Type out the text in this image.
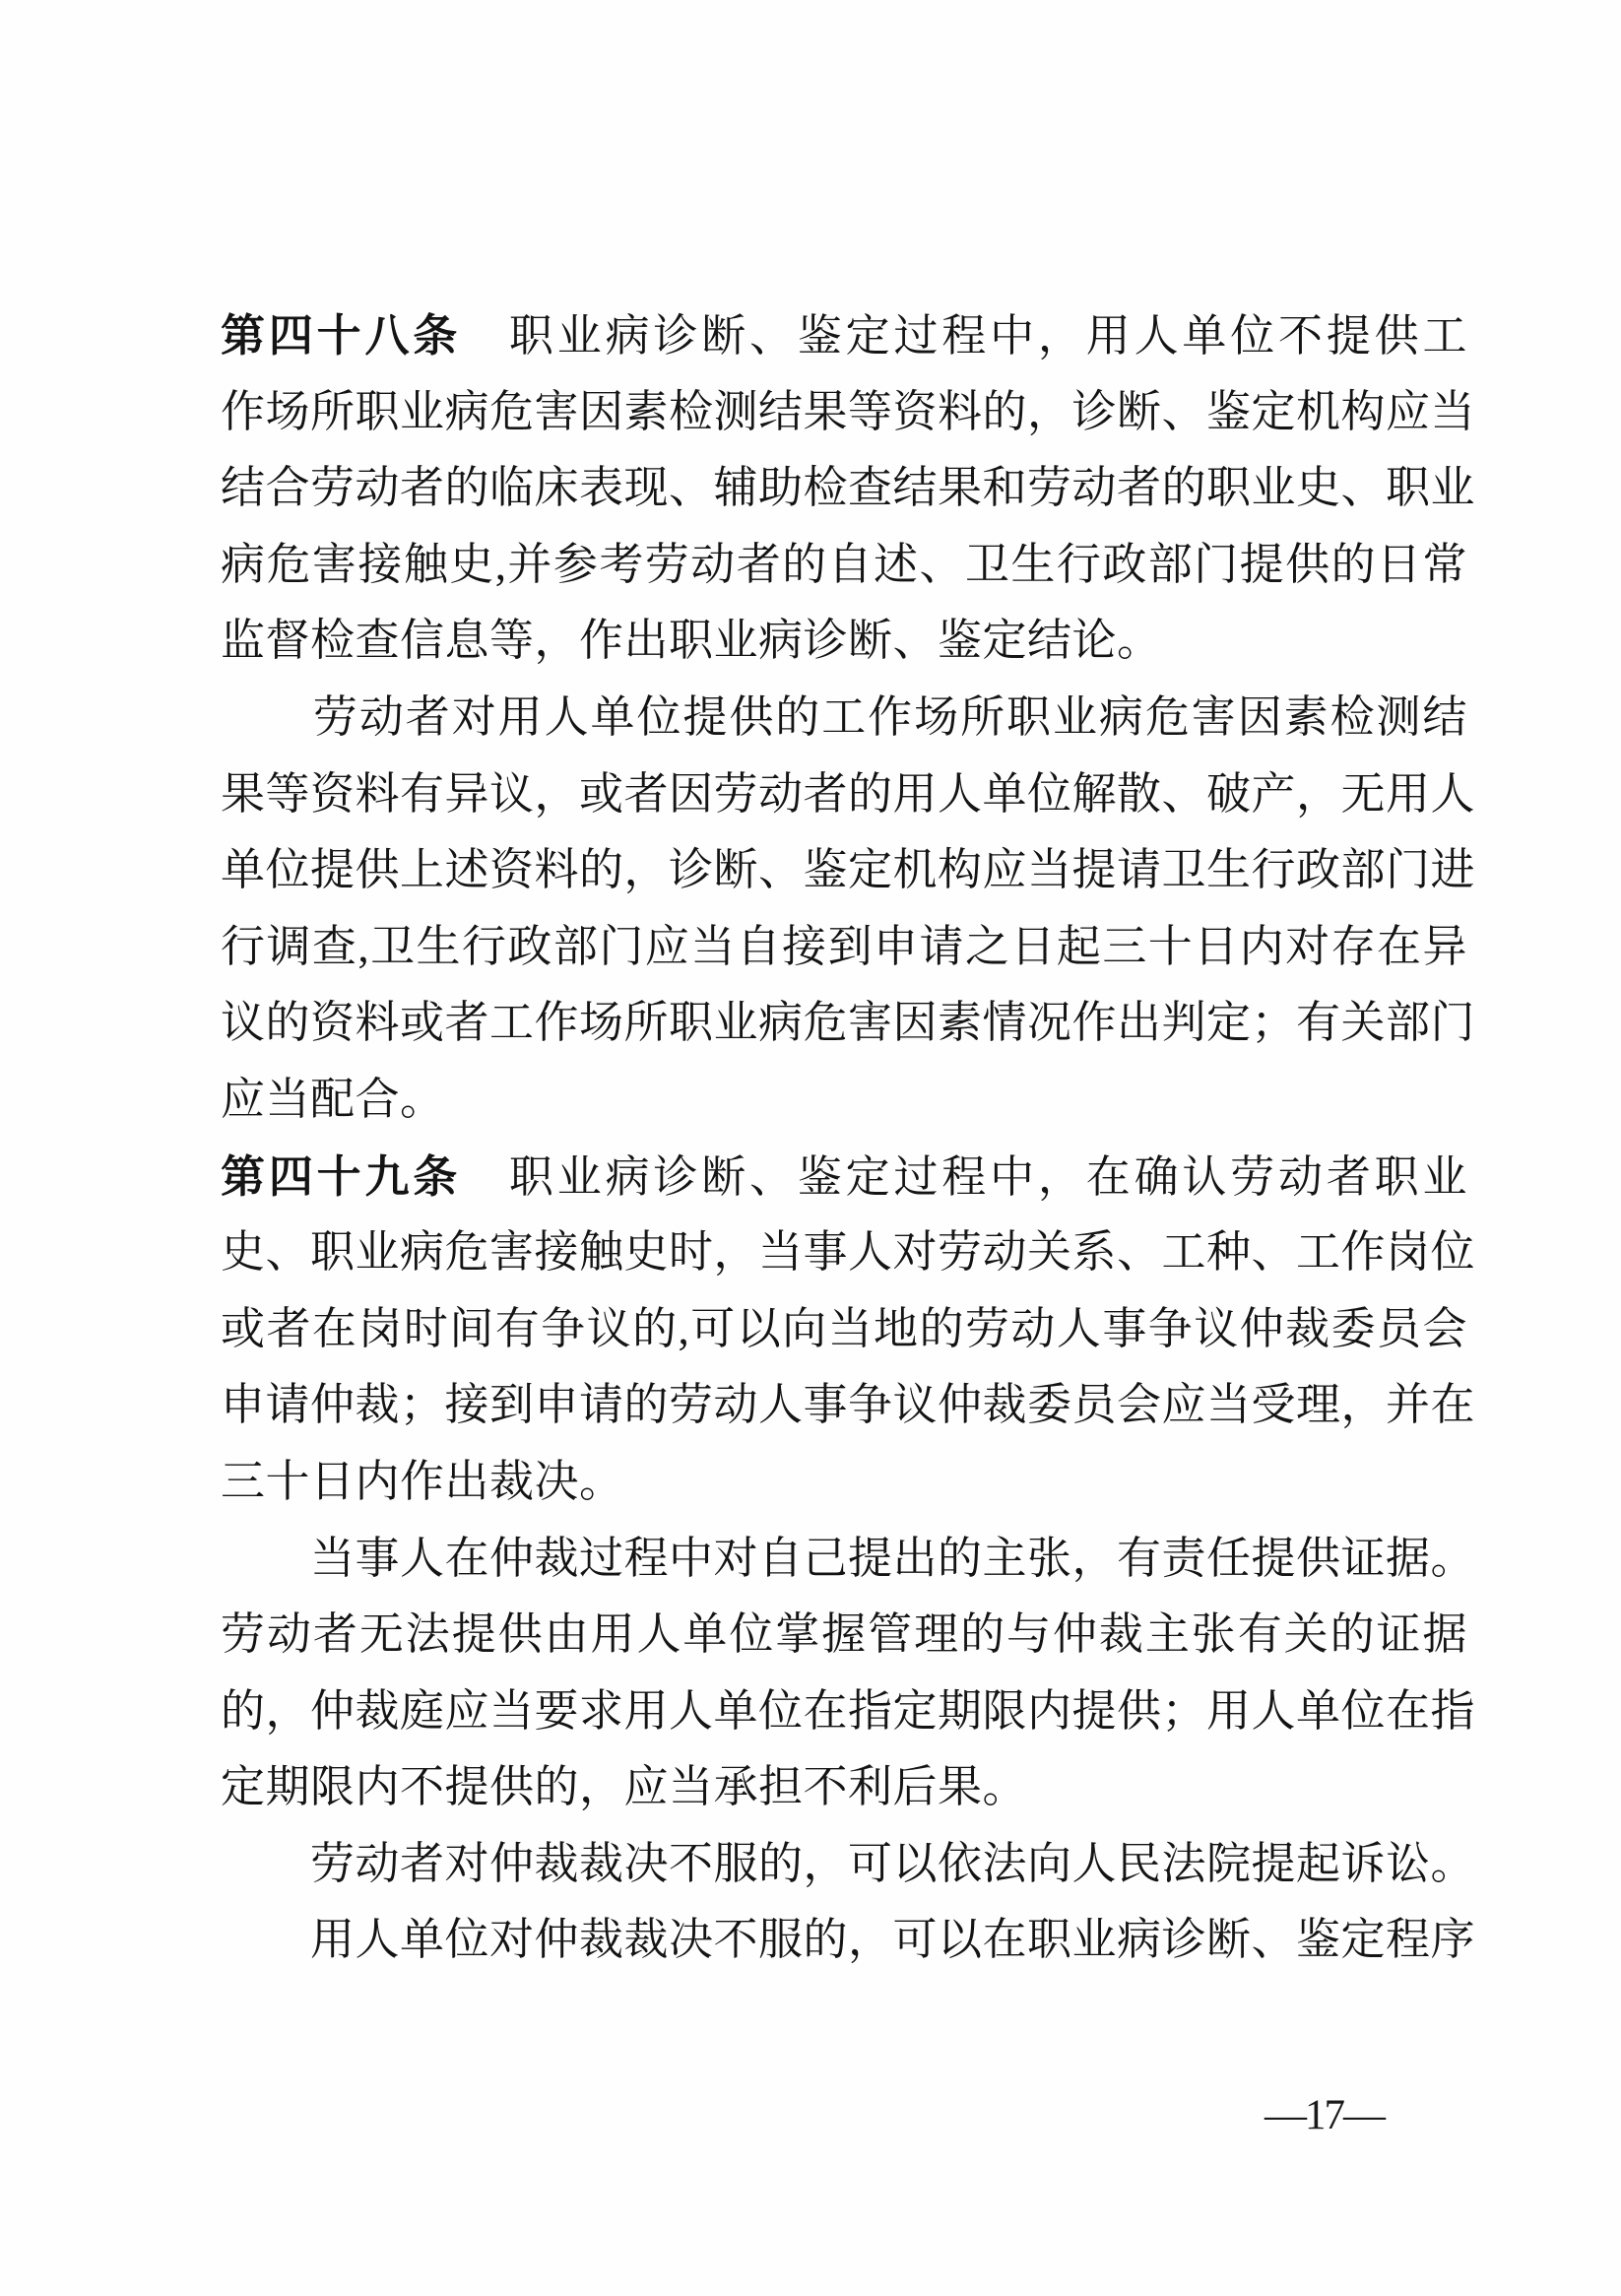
第四十八条　职业病诊断、鉴定过程中，用人单位不提供工
作场所职业病危害因素检测结果等资料的，诊断、鉴定机构应当
结合劳动者的临床表现、辅助检查结果和劳动者的职业史、职业
病危害接触史,并参考劳动者的自述、卫生行政部门提供的日常
监督检查信息等，作出职业病诊断、鉴定结论。
　　劳动者对用人单位提供的工作场所职业病危害因素检测结
果等资料有异议，或者因劳动者的用人单位解散、破产，无用人
单位提供上述资料的，诊断、鉴定机构应当提请卫生行政部门进
行调查,卫生行政部门应当自接到申请之日起三十日内对存在异
议的资料或者工作场所职业病危害因素情况作出判定；有关部门
应当配合。
第四十九条　职业病诊断、鉴定过程中，在确认劳动者职业
史、职业病危害接触史时，当事人对劳动关系、工种、工作岗位
或者在岗时间有争议的,可以向当地的劳动人事争议仲裁委员会
申请仲裁；接到申请的劳动人事争议仲裁委员会应当受理，并在
三十日内作出裁决。
　　当事人在仲裁过程中对自己提出的主张，有责任提供证据。
劳动者无法提供由用人单位掌握管理的与仲裁主张有关的证据
的，仲裁庭应当要求用人单位在指定期限内提供；用人单位在指
定期限内不提供的，应当承担不利后果。
　　劳动者对仲裁裁决不服的，可以依法向人民法院提起诉讼。
　　用人单位对仲裁裁决不服的，可以在职业病诊断、鉴定程序
—17—
